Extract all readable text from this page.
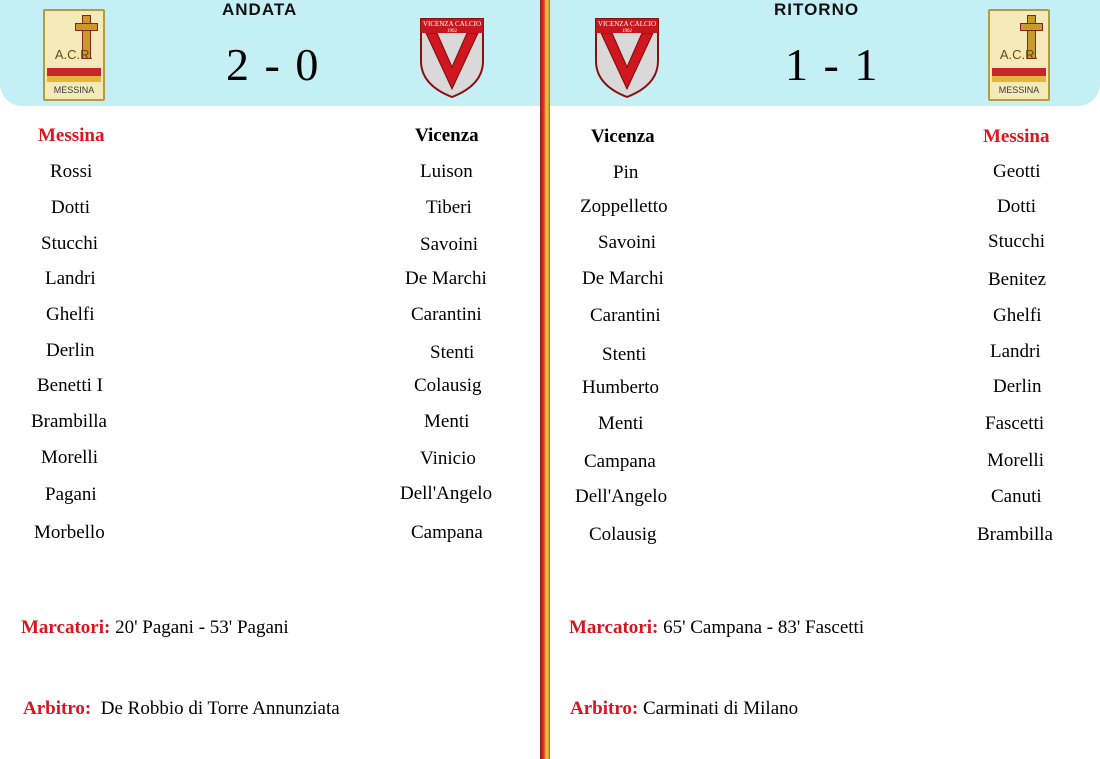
ANDATA
2 - 0
A.C.R.
MESSINA
VICENZA CALCIO
1902
Messina	Vicenza
Rossi
Dotti
Stucchi
Landri
Ghelfi
Derlin
Benetti I
Brambilla
Morelli
Pagani
Morbello
Luison
Tiberi
Savoini
De Marchi
Carantini
Stenti
Colausig
Menti
Vinicio
Dell'Angelo
Campana
Marcatori: 20' Pagani - 53' Pagani
Arbitro: De Robbio di Torre Annunziata
RITORNO
1 - 1
VICENZA CALCIO
1902
A.C.R.
MESSINA
Vicenza	Messina
Pin
Zoppelletto
Savoini
De Marchi
Carantini
Stenti
Humberto
Menti
Campana
Dell'Angelo
Colausig
Geotti
Dotti
Stucchi
Benitez
Ghelfi
Landri
Derlin
Fascetti
Morelli
Canuti
Brambilla
Marcatori: 65' Campana - 83' Fascetti
Arbitro: Carminati di Milano
